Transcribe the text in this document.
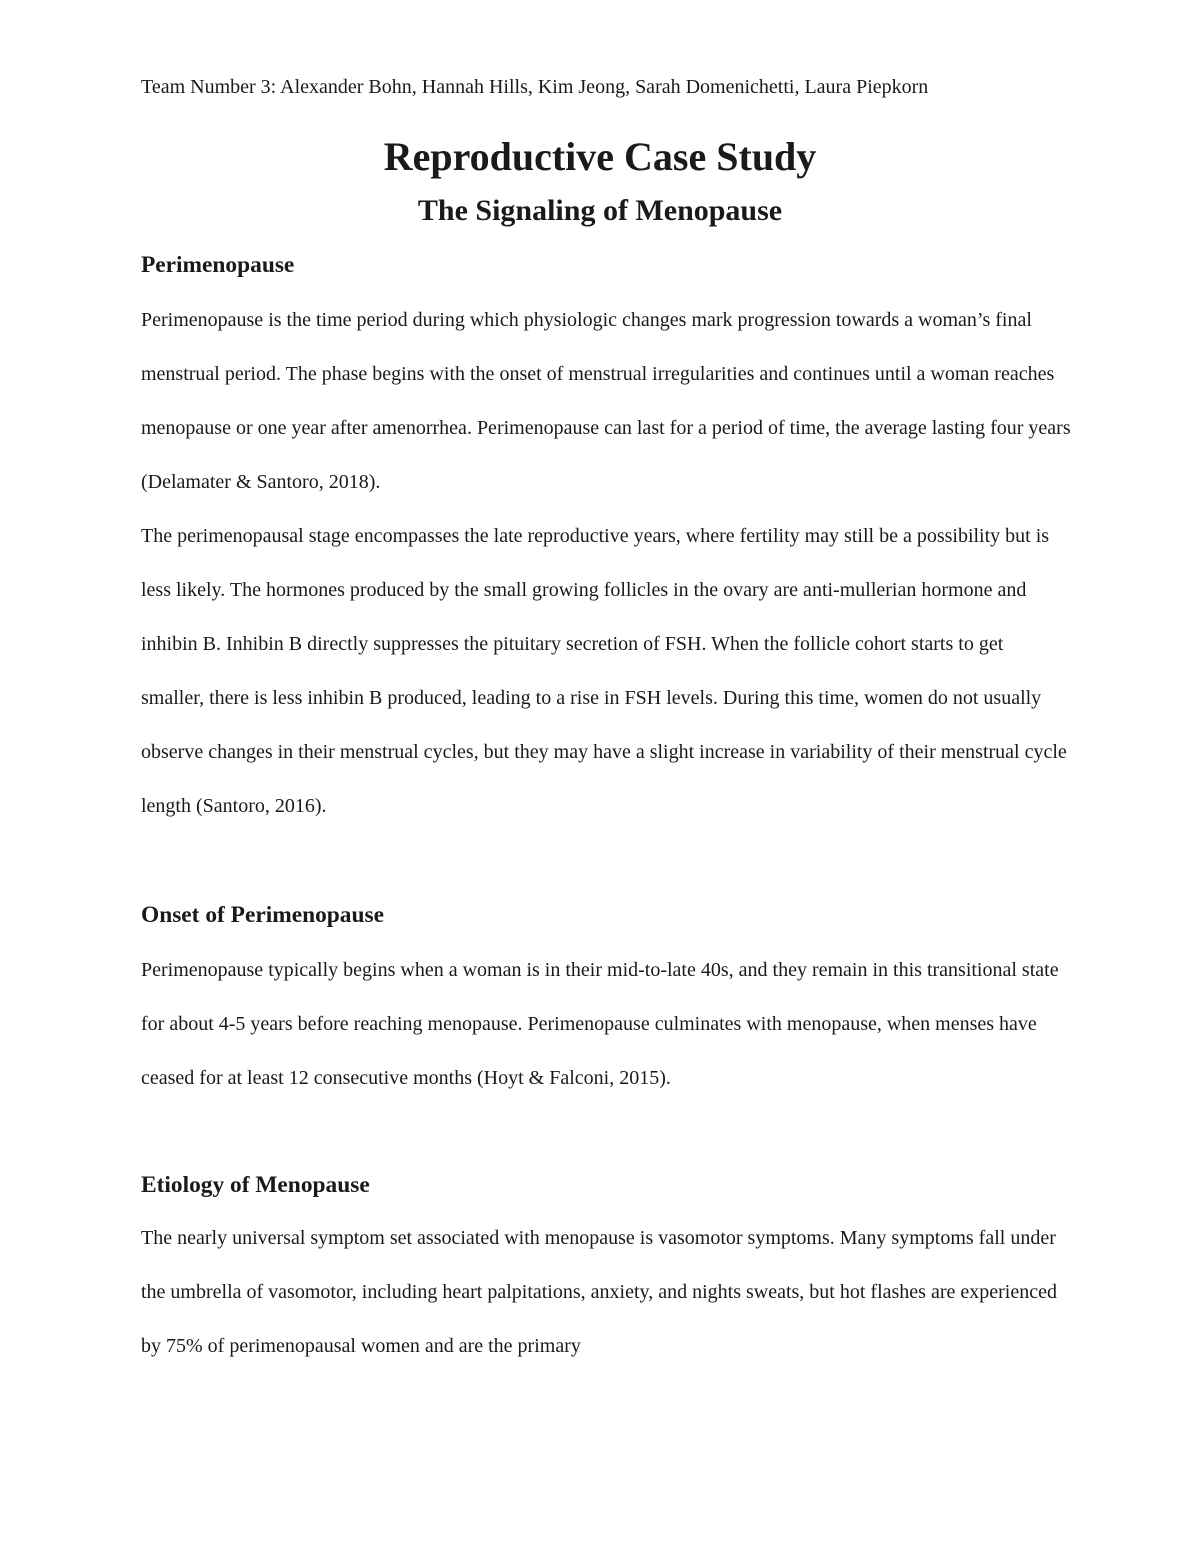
Team Number 3: Alexander Bohn, Hannah Hills, Kim Jeong, Sarah Domenichetti, Laura Piepkorn

Reproductive Case Study
The Signaling of Menopause
Perimenopause

Perimenopause is the time period during which physiologic changes mark progression towards a woman’s final menstrual period. The phase begins with the onset of menstrual irregularities and continues until a woman reaches menopause or one year after amenorrhea. Perimenopause can last for a period of time, the average lasting four years (Delamater & Santoro, 2018).

The perimenopausal stage encompasses the late reproductive years, where fertility may still be a possibility but is less likely. The hormones produced by the small growing follicles in the ovary are anti-mullerian hormone and inhibin B. Inhibin B directly suppresses the pituitary secretion of FSH. When the follicle cohort starts to get smaller, there is less inhibin B produced, leading to a rise in FSH levels. During this time, women do not usually observe changes in their menstrual cycles, but they may have a slight increase in variability of their menstrual cycle length (Santoro, 2016).

Onset of Perimenopause

Perimenopause typically begins when a woman is in their mid-to-late 40s, and they remain in this transitional state for about 4-5 years before reaching menopause. Perimenopause culminates with menopause, when menses have ceased for at least 12 consecutive months (Hoyt & Falconi, 2015).

Etiology of Menopause

The nearly universal symptom set associated with menopause is vasomotor symptoms. Many symptoms fall under the umbrella of vasomotor, including heart palpitations, anxiety, and nights sweats, but hot flashes are experienced by 75% of perimenopausal women and are the primary
